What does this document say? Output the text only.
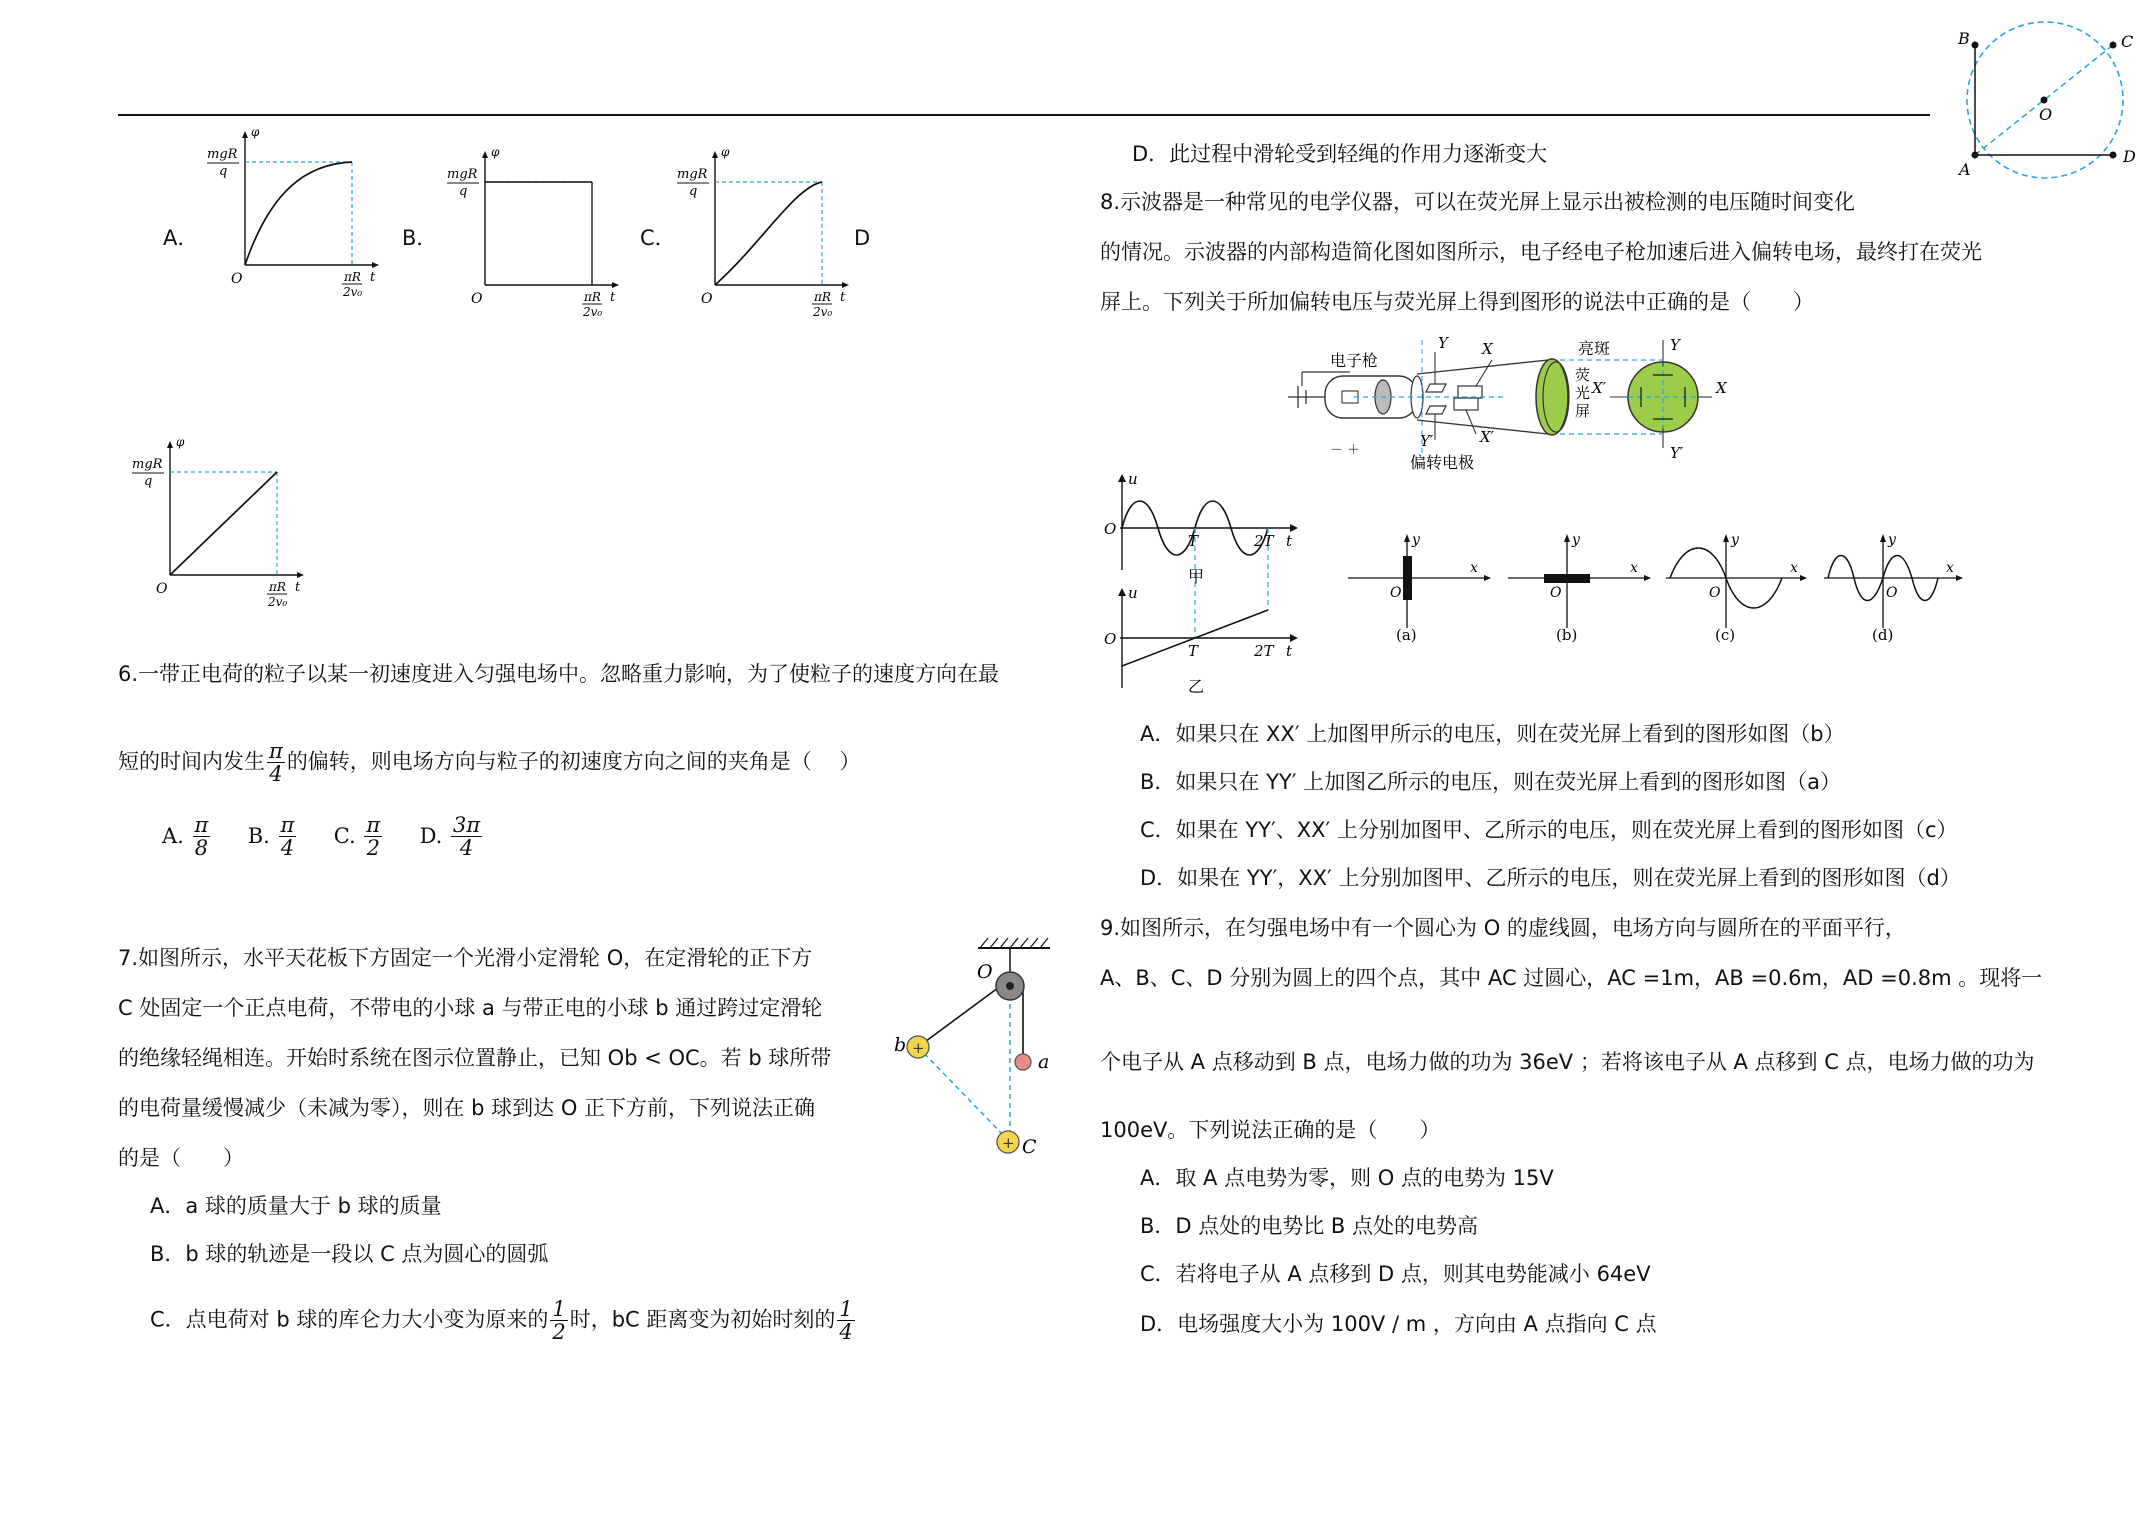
A
B	C
D
O
A．	B．	C．	D
mgR
q
φ
O	πR
2v₀
t
mgR
q
φ
O	πR
2v₀
t
mgR
q
φ
O	πR
2v₀
t
mgR
q
φ
O	πR
2v₀
t
6.一带正电荷的粒子以某一初速度进入匀强电场中。忽略重力影响，为了使粒子的速度方向在最
短的时间内发生 $\frac{\pi}{4}$ 的偏转，则电场方向与粒子的初速度方向之间的夹角是（　 ）
A. $\frac{\pi}{8} B$. $\frac{\pi}{4} C$. $\frac{\pi}{2} D$. $\frac{3\pi}{4}$
7.如图所示，水平天花板下方固定一个光滑小定滑轮 O，在定滑轮的正下方
C 处固定一个正点电荷，不带电的小球 a 与带正电的小球 b 通过跨过定滑轮
的绝缘轻绳相连。开始时系统在图示位置静止，已知 Ob < OC。若 b 球所带
的电荷量缓慢减少（未减为零），则在 b 球到达 O 正下方前，下列说法正确
的是（　　）
A．a 球的质量大于 b 球的质量
B．b 球的轨迹是一段以 C 点为圆心的圆弧
C．点电荷对 b 球的库仑力大小变为原来的 $\frac{1}{2}$ 时，bC 距离变为初始时刻的 $\frac{1}{4}$
+
+
O
b
a
C
D．此过程中滑轮受到轻绳的作用力逐渐变大
8.示波器是一种常见的电学仪器，可以在荧光屏上显示出被检测的电压随时间变化
的情况。示波器的内部构造简化图如图所示，电子经电子枪加速后进入偏转电场，最终打在荧光
屏上。下列关于所加偏转电压与荧光屏上得到图形的说法中正确的是（　　）
电子枪
偏转电极
亮斑
荧
光
屏
－ ＋
Y
Y′
X
X′
Y
Y′
X
X′
u
O
T	2T t
甲
u
O
T	2T t
乙
y
x
O
(a)
y
x
O
(b)
y
x
O
(c)
y
x
O
(d)
A．如果只在 XX′ 上加图甲所示的电压，则在荧光屏上看到的图形如图（b）
B．如果只在 YY′ 上加图乙所示的电压，则在荧光屏上看到的图形如图（a）
C．如果在 YY′、XX′ 上分别加图甲、乙所示的电压，则在荧光屏上看到的图形如图（c）
D．如果在 YY′，XX′ 上分别加图甲、乙所示的电压，则在荧光屏上看到的图形如图（d）
9.如图所示，在匀强电场中有一个圆心为 O 的虚线圆，电场方向与圆所在的平面平行，
A、B、C、D 分别为圆上的四个点，其中 AC 过圆心，AC =1m，AB =0.6m，AD =0.8m 。现将一
个电子从 A 点移动到 B 点，电场力做的功为 36eV ；若将该电子从 A 点移到 C 点，电场力做的功为
100eV。下列说法正确的是（　　）
A．取 A 点电势为零，则 O 点的电势为 15V
B．D 点处的电势比 B 点处的电势高
C．若将电子从 A 点移到 D 点，则其电势能减小 64eV
D．电场强度大小为 100V / m ，方向由 A 点指向 C 点
